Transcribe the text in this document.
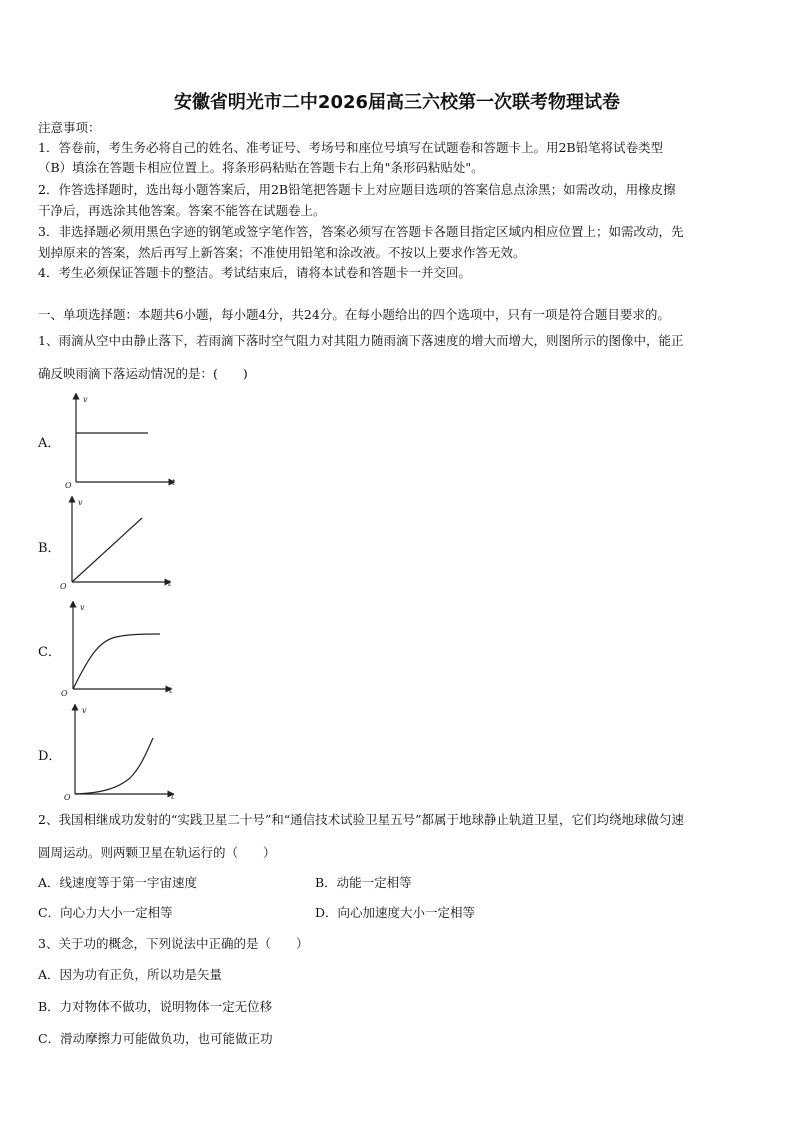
安徽省明光市二中2026届高三六校第一次联考物理试卷
注意事项：
1．答卷前，考生务必将自己的姓名、准考证号、考场号和座位号填写在试题卷和答题卡上。用2B铅笔将试卷类型
（B）填涂在答题卡相应位置上。将条形码粘贴在答题卡右上角"条形码粘贴处"。
2．作答选择题时，选出每小题答案后，用2B铅笔把答题卡上对应题目选项的答案信息点涂黑；如需改动，用橡皮擦
干净后，再选涂其他答案。答案不能答在试题卷上。
3．非选择题必须用黑色字迹的钢笔或签字笔作答，答案必须写在答题卡各题目指定区域内相应位置上；如需改动，先
划掉原来的答案，然后再写上新答案；不准使用铅笔和涂改液。不按以上要求作答无效。
4．考生必须保证答题卡的整洁。考试结束后，请将本试卷和答题卡一并交回。
一、单项选择题：本题共6小题，每小题4分，共24分。在每小题给出的四个选项中，只有一项是符合题目要求的。
1、雨滴从空中由静止落下，若雨滴下落时空气阻力对其阻力随雨滴下落速度的增大而增大，则图所示的图像中，能正
确反映雨滴下落运动情况的是：(　　)
A．
v
t
O
B．
v
t
O
C．
v
t
O
D．
v
t
O
2、我国相继成功发射的“实践卫星二十号”和“通信技术试验卫星五号”都属于地球静止轨道卫星，它们均绕地球做匀速
圆周运动。则两颗卫星在轨运行的（　　）
A．线速度等于第一宇宙速度	B．动能一定相等
C．向心力大小一定相等	D．向心加速度大小一定相等
3、关于功的概念，下列说法中正确的是（　　）
A．因为功有正负，所以功是矢量
B．力对物体不做功，说明物体一定无位移
C．滑动摩擦力可能做负功，也可能做正功
